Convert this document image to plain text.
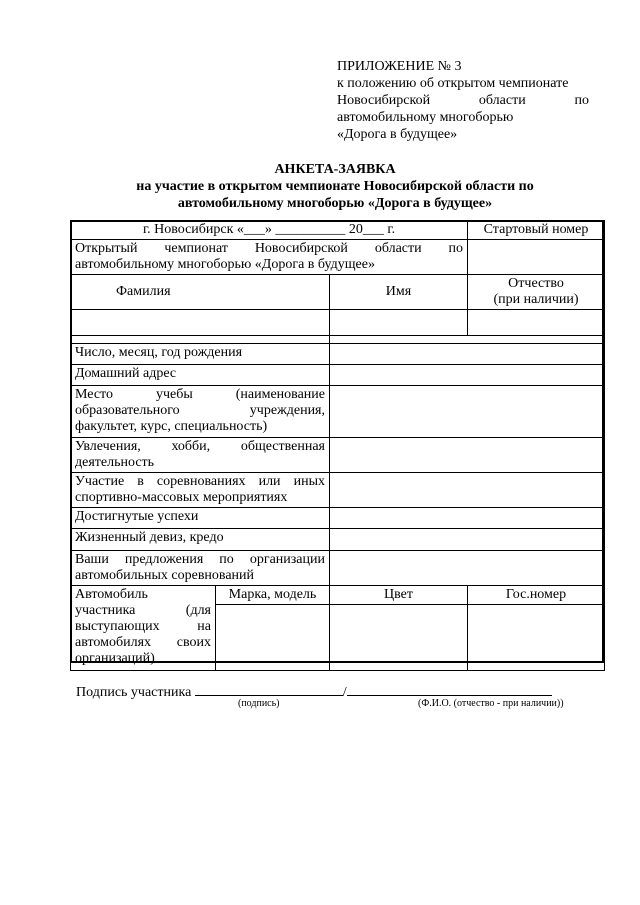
ПРИЛОЖЕНИЕ № 3
к положению об открытом чемпионате
Новосибирской	области	по
автомобильному многоборью
«Дорога в будущее»
АНКЕТА-ЗАЯВКА
на участие в открытом чемпионате Новосибирской области по
автомобильному многоборью «Дорога в будущее»
г. Новосибирск «___» __________ 20___ г.			Стартовый номер

Открытый чемпионат Новосибирской области по
автомобильному многоборью «Дорога в будущее»			

Фамилия		Имя	Отчество
(при наличии)

Число, месяц, год рождения			
Домашний адрес			

Место учебы (наименование
образовательного учреждения,
факультет, курс, специальность)			

Увлечения, хобби, общественная
деятельность			

Участие в соревнованиях или иных
спортивно-массовых мероприятиях			

Достигнутые успехи			
Жизненный девиз, кредо			

Ваши предложения по организации
автомобильных соревнований			

Автомобиль
участника (для
выступающих на
автомобилях своих
организаций)	Марка, модель	Цвет	Гос.номер

Подпись участника	/
(подпись)	(Ф.И.О. (отчество - при наличии))
